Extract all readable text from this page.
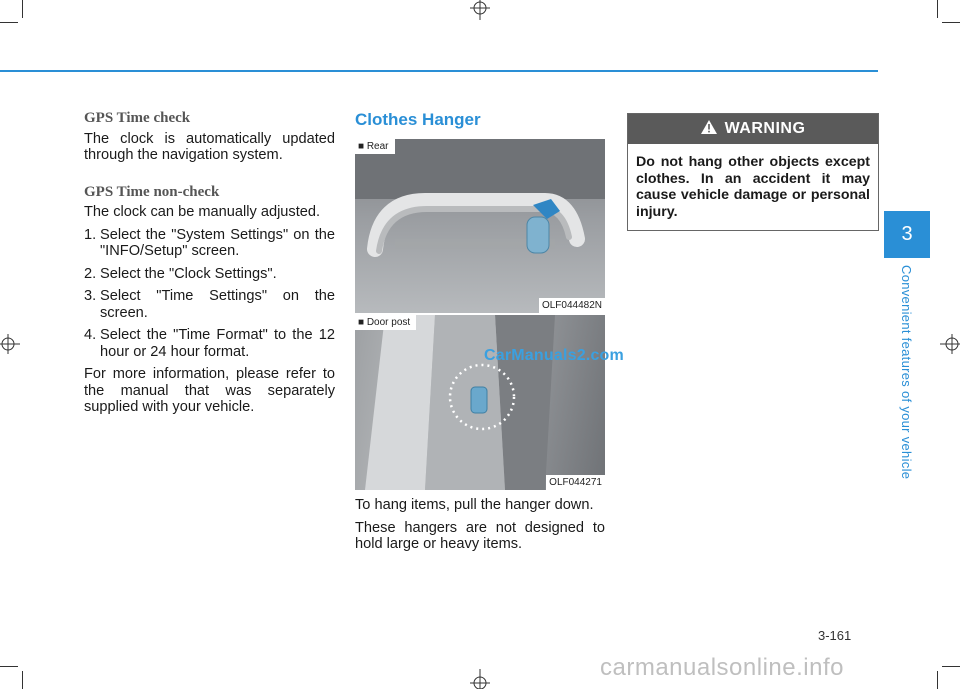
GPS Time check

The clock is automatically updated through the navigation system.

GPS Time non-check

The clock can be manually adjusted.

1. Select the "System Settings" on the "INFO/Setup" screen.
2. Select the "Clock Settings".
3. Select "Time Settings" on the screen.
4. Select the "Time Format" to the 12 hour or 24 hour format.

For more information, please refer to the manual that was separately supplied with your vehicle.

Clothes Hanger
■ Rear
OLF044482N
■ Door post
OLF044271
CarManuals2.com

To hang items, pull the hanger down.

These hangers are not designed to hold large or heavy items.

WARNING
Do not hang other objects except clothes. In an accident it may cause vehicle damage or personal injury.
3
Convenient features of your vehicle
3-161
carmanualsonline.info
